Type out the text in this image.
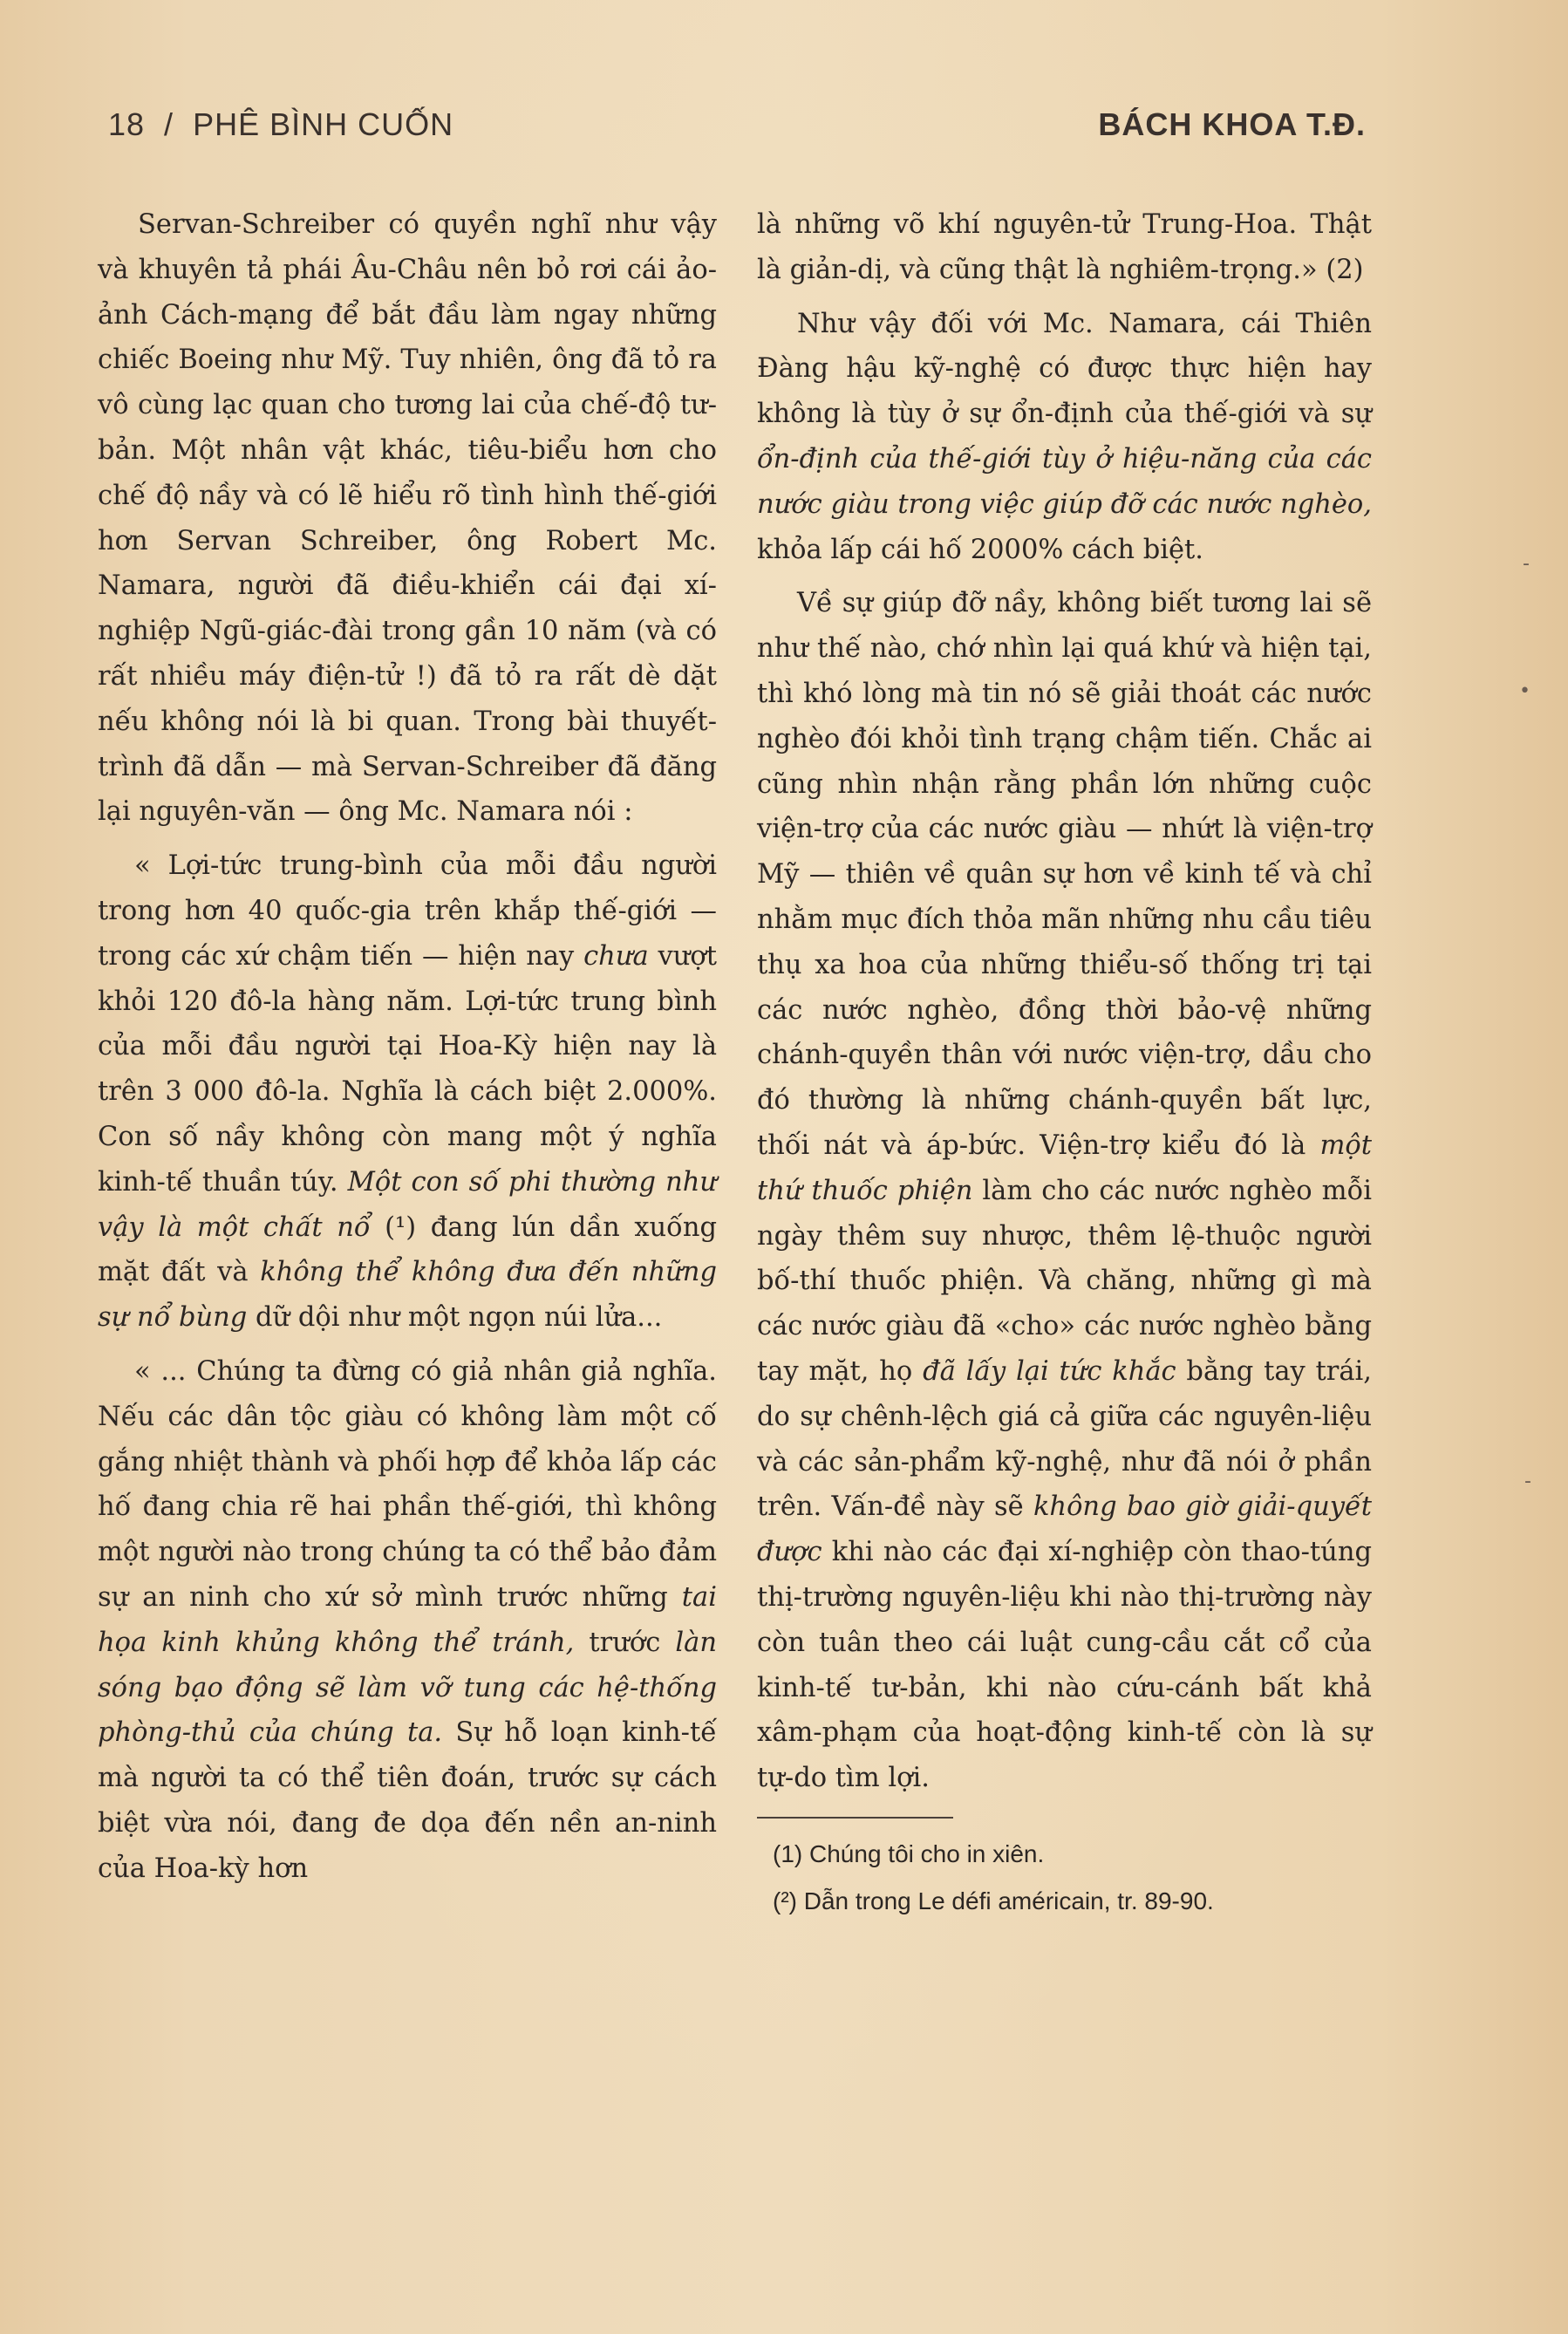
18 / PHÊ BÌNH CUỐN	BÁCH KHOA T.Đ.

Servan-Schreiber có quyền nghĩ như vậy và khuyên tả phái Âu-Châu nên bỏ rơi cái ảo-ảnh Cách-mạng để bắt đầu làm ngay những chiếc Boeing như Mỹ. Tuy nhiên, ông đã tỏ ra vô cùng lạc quan cho tương lai của chế-độ tư-bản. Một nhân vật khác, tiêu-biểu hơn cho chế độ nầy và có lẽ hiểu rõ tình hình thế-giới hơn Servan Schreiber, ông Robert Mc. Namara, người đã điều-khiển cái đại xí-nghiệp Ngũ-giác-đài trong gần 10 năm (và có rất nhiều máy điện-tử !) đã tỏ ra rất dè dặt nếu không nói là bi quan. Trong bài thuyết-trình đã dẫn — mà Servan-Schreiber đã đăng lại nguyên-văn — ông Mc. Namara nói :

« Lợi-tức trung-bình của mỗi đầu người trong hơn 40 quốc-gia trên khắp thế-giới — trong các xứ chậm tiến — hiện nay chưa vượt khỏi 120 đô-la hàng năm. Lợi-tức trung bình của mỗi đầu người tại Hoa-Kỳ hiện nay là trên 3 000 đô-la. Nghĩa là cách biệt 2.000%. Con số nầy không còn mang một ý nghĩa kinh-tế thuần túy. Một con số phi thường như vậy là một chất nổ (¹) đang lún dần xuống mặt đất và không thể không đưa đến những sự nổ bùng dữ dội như một ngọn núi lửa...

« ... Chúng ta đừng có giả nhân giả nghĩa. Nếu các dân tộc giàu có không làm một cố gắng nhiệt thành và phối hợp để khỏa lấp các hố đang chia rẽ hai phần thế-giới, thì không một người nào trong chúng ta có thể bảo đảm sự an ninh cho xứ sở mình trước những tai họa kinh khủng không thể tránh, trước làn sóng bạo động sẽ làm vỡ tung các hệ-thống phòng-thủ của chúng ta. Sự hỗ loạn kinh-tế mà người ta có thể tiên đoán, trước sự cách biệt vừa nói, đang đe dọa đến nền an-ninh của Hoa-kỳ hơn

là những võ khí nguyên-tử Trung-Hoa. Thật là giản-dị, và cũng thật là nghiêm-trọng.» (2)

Như vậy đối với Mc. Namara, cái Thiên Đàng hậu kỹ-nghệ có được thực hiện hay không là tùy ở sự ổn-định của thế-giới và sự ổn-định của thế-giới tùy ở hiệu-năng của các nước giàu trong việc giúp đỡ các nước nghèo, khỏa lấp cái hố 2000% cách biệt.

Về sự giúp đỡ nầy, không biết tương lai sẽ như thế nào, chớ nhìn lại quá khứ và hiện tại, thì khó lòng mà tin nó sẽ giải thoát các nước nghèo đói khỏi tình trạng chậm tiến. Chắc ai cũng nhìn nhận rằng phần lớn những cuộc viện-trợ của các nước giàu — nhứt là viện-trợ Mỹ — thiên về quân sự hơn về kinh tế và chỉ nhằm mục đích thỏa mãn những nhu cầu tiêu thụ xa hoa của những thiểu-số thống trị tại các nước nghèo, đồng thời bảo-vệ những chánh-quyền thân với nước viện-trợ, dầu cho đó thường là những chánh-quyền bất lực, thối nát và áp-bức. Viện-trợ kiểu đó là một thứ thuốc phiện làm cho các nước nghèo mỗi ngày thêm suy nhược, thêm lệ-thuộc người bố-thí thuốc phiện. Và chăng, những gì mà các nước giàu đã «cho» các nước nghèo bằng tay mặt, họ đã lấy lại tức khắc bằng tay trái, do sự chênh-lệch giá cả giữa các nguyên-liệu và các sản-phẩm kỹ-nghệ, như đã nói ở phần trên. Vấn-đề này sẽ không bao giờ giải-quyết được khi nào các đại xí-nghiệp còn thao-túng thị-trường nguyên-liệu khi nào thị-trường này còn tuân theo cái luật cung-cầu cắt cổ của kinh-tế tư-bản, khi nào cứu-cánh bất khả xâm-phạm của hoạt-động kinh-tế còn là sự tự-do tìm lợi.

(1) Chúng tôi cho in xiên.
(²) Dẫn trong Le défi américain, tr. 89-90.
‑
•
‑
